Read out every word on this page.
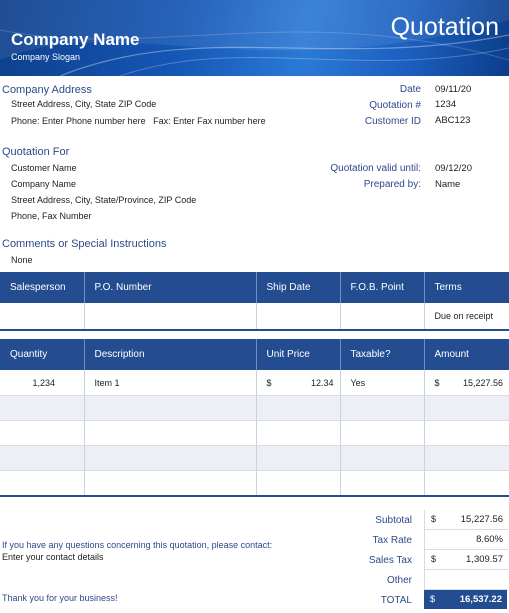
Company Name
Company Slogan
Quotation
Company Address
Street Address, City, State ZIP Code
Phone: Enter Phone number here   Fax: Enter Fax number here
Date 09/11/20
Quotation # 1234
Customer ID ABC123
Quotation For
Customer Name
Company Name
Street Address, City, State/Province, ZIP Code
Phone, Fax Number
Quotation valid until: 09/12/20
Prepared by: Name
Comments or Special Instructions
None
Salesperson	P.O. Number	Ship Date	F.O.B. Point	Terms
				Due on receipt
Quantity	Description	Unit Price	Taxable?	Amount
1,234	Item 1	$ 12.34	Yes	$ 15,227.56

Subtotal $	15,227.56
Tax Rate	8.60%
Sales Tax $	1,309.57
Other
TOTAL $	16,537.22
If you have any questions concerning this quotation, please contact:
Enter your contact details
Thank you for your business!
